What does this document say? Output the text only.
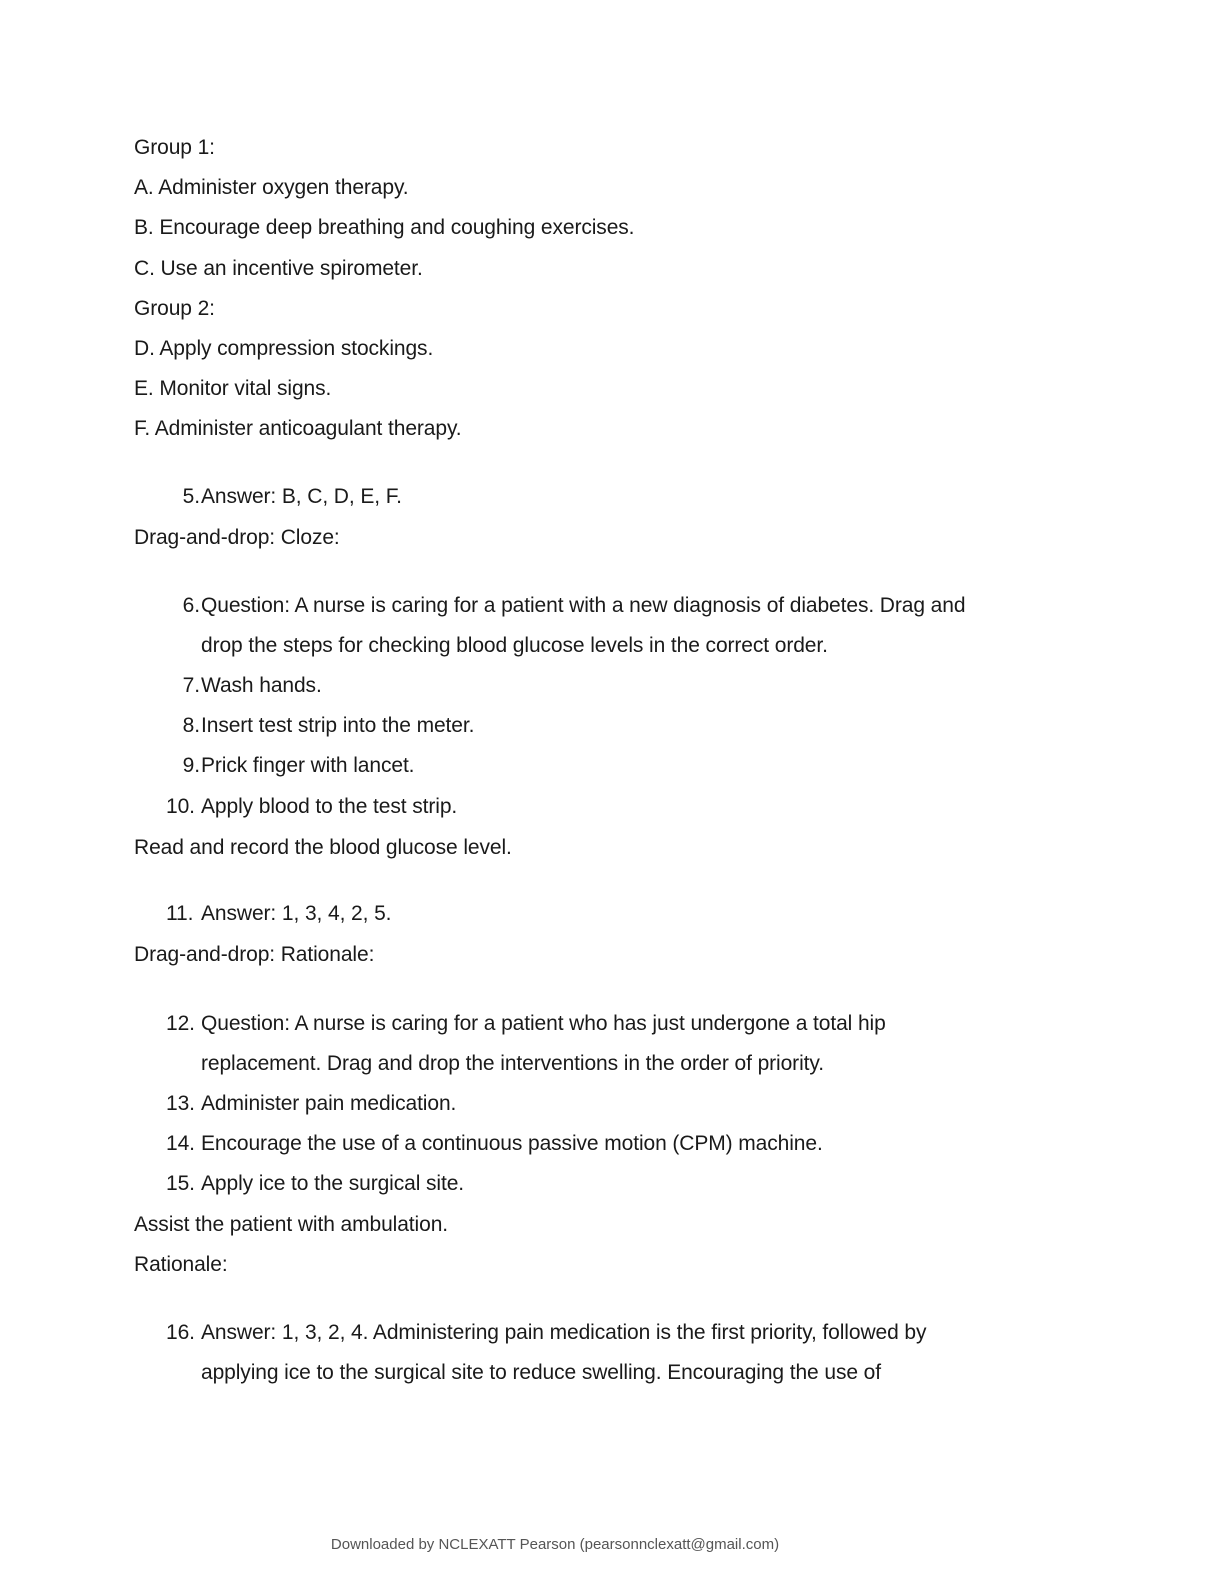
Group 1:
A. Administer oxygen therapy.
B. Encourage deep breathing and coughing exercises.
C. Use an incentive spirometer.
Group 2:
D. Apply compression stockings.
E. Monitor vital signs.
F. Administer anticoagulant therapy.
5. Answer: B, C, D, E, F.
Drag-and-drop: Cloze:
6. Question: A nurse is caring for a patient with a new diagnosis of diabetes. Drag and drop the steps for checking blood glucose levels in the correct order.
7. Wash hands.
8. Insert test strip into the meter.
9. Prick finger with lancet.
10. Apply blood to the test strip.
Read and record the blood glucose level.
11. Answer: 1, 3, 4, 2, 5.
Drag-and-drop: Rationale:
12. Question: A nurse is caring for a patient who has just undergone a total hip replacement. Drag and drop the interventions in the order of priority.
13. Administer pain medication.
14. Encourage the use of a continuous passive motion (CPM) machine.
15. Apply ice to the surgical site.
Assist the patient with ambulation.
Rationale:
16. Answer: 1, 3, 2, 4. Administering pain medication is the first priority, followed by applying ice to the surgical site to reduce swelling. Encouraging the use of
Downloaded by NCLEXATT Pearson (pearsonnclexatt@gmail.com)
